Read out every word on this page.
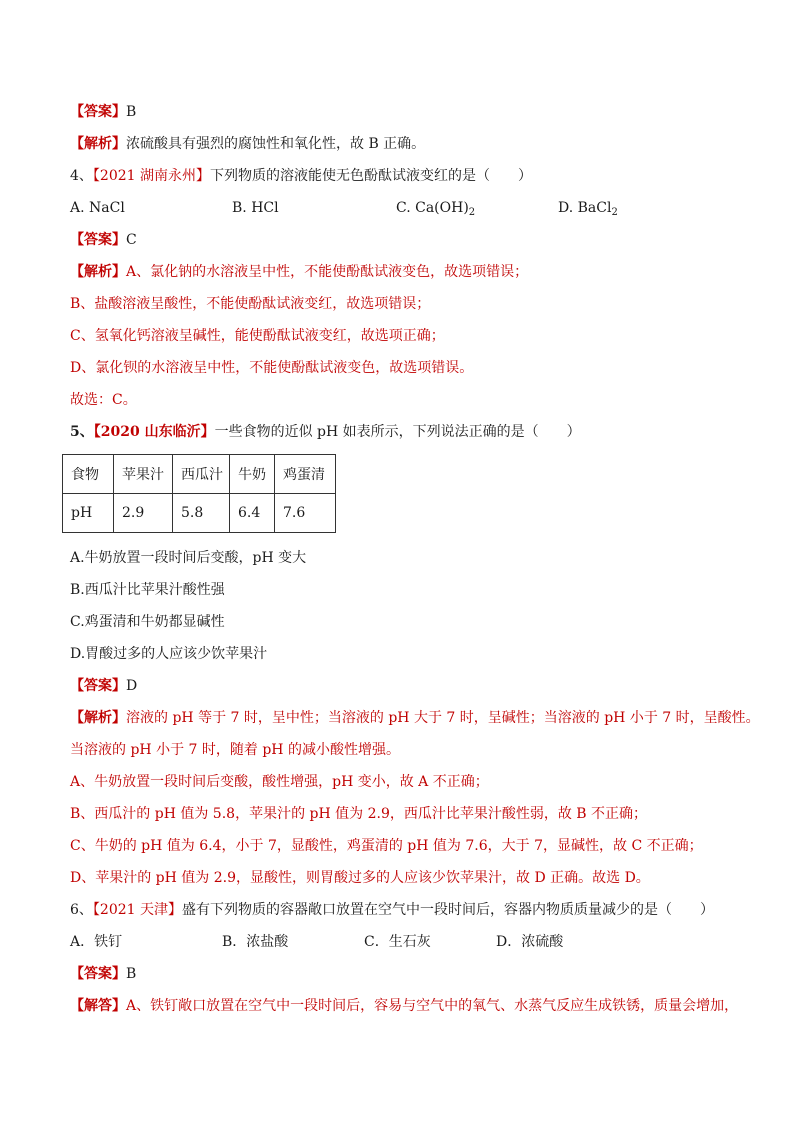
【答案】B
【解析】浓硫酸具有强烈的腐蚀性和氧化性，故 B 正确。
4、【2021 湖南永州】下列物质的溶液能使无色酚酞试液变红的是（　　）
A. NaCl	B. HCl	C. $Ca(OH)_2$	D. BaCl$_2$
【答案】C
【解析】A、氯化钠的水溶液呈中性，不能使酚酞试液变色，故选项错误；
B、盐酸溶液呈酸性，不能使酚酞试液变红，故选项错误；
C、氢氧化钙溶液呈碱性，能使酚酞试液变红，故选项正确；
D、氯化钡的水溶液呈中性，不能使酚酞试液变色，故选项错误。
故选：C。
5、【2020 山东临沂】一些食物的近似 pH 如表所示，下列说法正确的是（　　）
食物	苹果汁	西瓜汁	牛奶	鸡蛋清
pH	2.9	5.8	6.4	7.6
A.牛奶放置一段时间后变酸，pH 变大
B.西瓜汁比苹果汁酸性强
C.鸡蛋清和牛奶都显碱性
D.胃酸过多的人应该少饮苹果汁
【答案】D
【解析】溶液的 pH 等于 7 时，呈中性；当溶液的 pH 大于 7 时，呈碱性；当溶液的 pH 小于 7 时，呈酸性。
当溶液的 pH 小于 7 时，随着 pH 的减小酸性增强。
A、牛奶放置一段时间后变酸，酸性增强，pH 变小，故 A 不正确；
B、西瓜汁的 pH 值为 5.8，苹果汁的 pH 值为 2.9，西瓜汁比苹果汁酸性弱，故 B 不正确；
C、牛奶的 pH 值为 6.4，小于 7，显酸性，鸡蛋清的 pH 值为 7.6，大于 7，显碱性，故 C 不正确；
D、苹果汁的 pH 值为 2.9，显酸性，则胃酸过多的人应该少饮苹果汁，故 D 正确。故选 D。
6、【2021 天津】盛有下列物质的容器敞口放置在空气中一段时间后，容器内物质质量减少的是（　　）
A．铁钉	B．浓盐酸	C．生石灰	D．浓硫酸
【答案】B
【解答】A、铁钉敞口放置在空气中一段时间后，容易与空气中的氧气、水蒸气反应生成铁锈，质量会增加，
